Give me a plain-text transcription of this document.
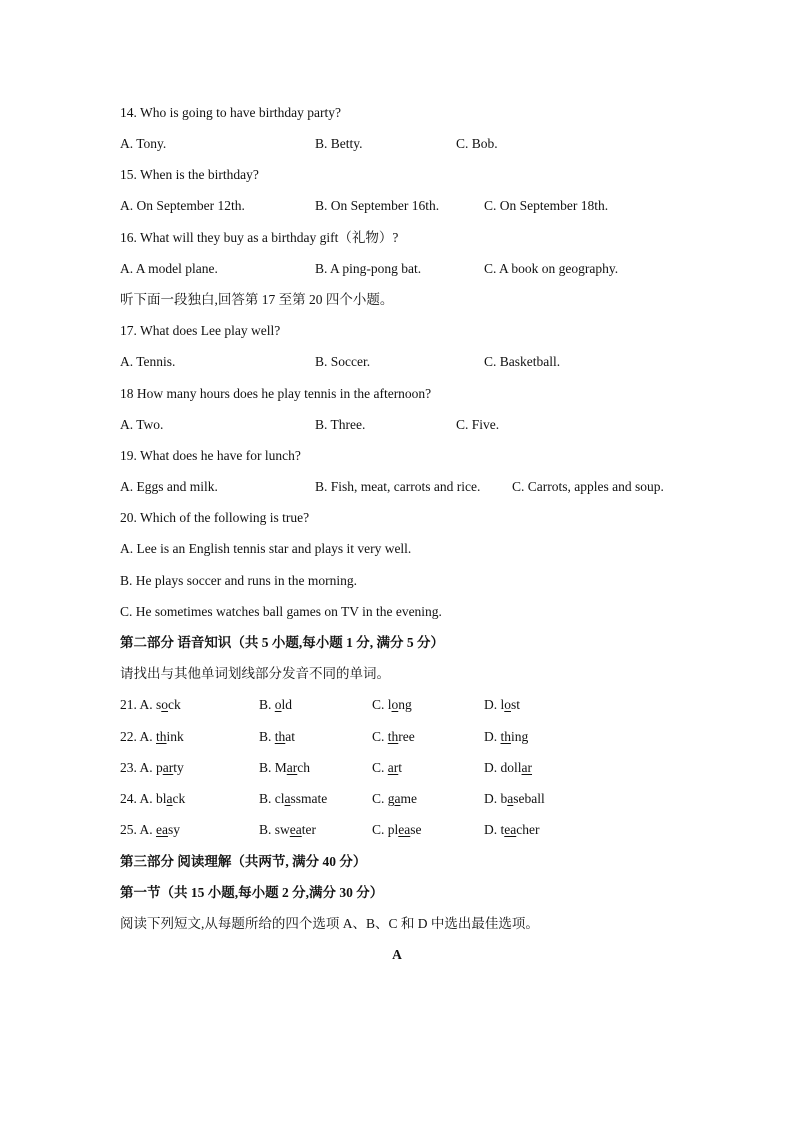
14. Who is going to have birthday party?
A. Tony.	B. Betty.	C. Bob.
15. When is the birthday?
A. On September 12th.	B. On September 16th.	C. On September 18th.
16. What will they buy as a birthday gift（礼物）?
A. A model plane.	B. A ping-pong bat.	C. A book on geography.
听下面一段独白,回答第 17 至第 20 四个小题。
17. What does Lee play well?
A. Tennis.	B. Soccer.	C. Basketball.
18 How many hours does he play tennis in the afternoon?
A. Two.	B. Three.	C. Five.
19. What does he have for lunch?
A. Eggs and milk.	B. Fish, meat, carrots and rice. C. Carrots, apples and soup.
20. Which of the following is true?
A. Lee is an English tennis star and plays it very well.
B. He plays soccer and runs in the morning.
C. He sometimes watches ball games on TV in the evening.
第二部分 语音知识（共 5 小题,每小题 1 分, 满分 5 分）
请找出与其他单词划线部分发音不同的单词。
21. A. sock	B. old	C. long	D. lost
22. A. think	B. that	C. three	D. thing
23. A. party	B. March	C. art	D. dollar
24. A. black	B. classmate	C. game	D. baseball
25. A. easy	B. sweater	C. please	D. teacher
第三部分 阅读理解（共两节, 满分 40 分）
第一节（共 15 小题,每小题 2 分,满分 30 分）
阅读下列短文,从每题所给的四个选项 A、B、C 和 D 中选出最佳选项。
A
